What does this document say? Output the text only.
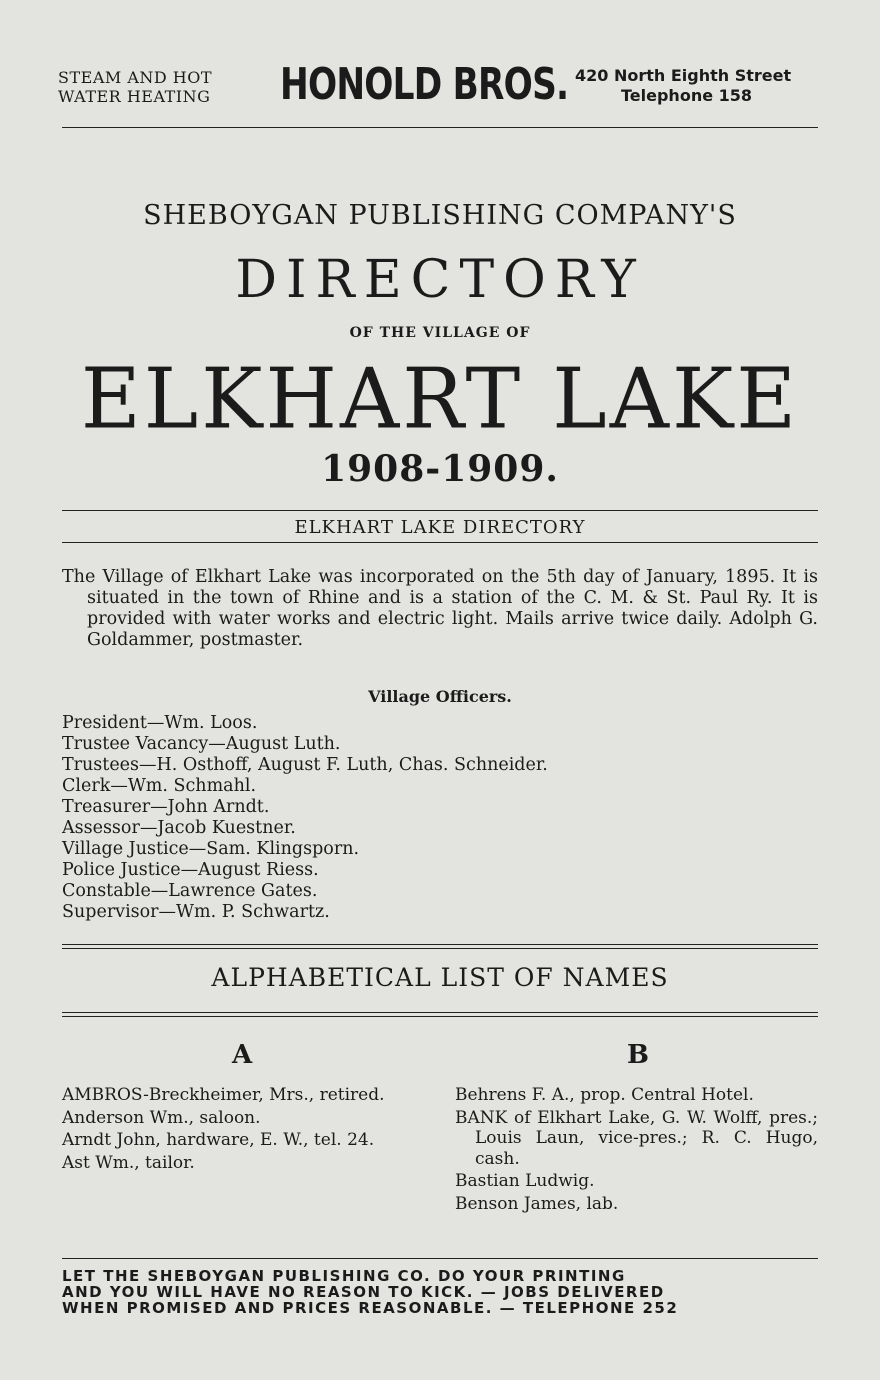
STEAM AND HOT
WATER HEATING HONOLD BROS. 420 North Eighth Street
Telephone 158
SHEBOYGAN PUBLISHING COMPANY'S
DIRECTORY
OF THE VILLAGE OF
ELKHART LAKE
1908-1909.
ELKHART LAKE DIRECTORY

The Village of Elkhart Lake was incorporated on the 5th day of January, 1895. It is situated in the town of Rhine and is a station of the C. M. & St. Paul Ry. It is provided with water works and electric light. Mails arrive twice daily. Adolph G. Goldammer, postmaster.

Village Officers.
President—Wm. Loos.
Trustee Vacancy—August Luth.
Trustees—H. Osthoff, August F. Luth, Chas. Schneider.
Clerk—Wm. Schmahl.
Treasurer—John Arndt.
Assessor—Jacob Kuestner.
Village Justice—Sam. Klingsporn.
Police Justice—August Riess.
Constable—Lawrence Gates.
Supervisor—Wm. P. Schwartz.
ALPHABETICAL LIST OF NAMES
A	B
AMBROS-Breckheimer, Mrs., retired.
Anderson Wm., saloon.
Arndt John, hardware, E. W., tel. 24.
Ast Wm., tailor.
Behrens F. A., prop. Central Hotel.
BANK of Elkhart Lake, G. W. Wolff, pres.; Louis Laun, vice-pres.; R. C. Hugo, cash.
Bastian Ludwig.
Benson James, lab.
LET THE SHEBOYGAN PUBLISHING CO. DO YOUR PRINTING
AND YOU WILL HAVE NO REASON TO KICK. — JOBS DELIVERED
WHEN PROMISED AND PRICES REASONABLE. — TELEPHONE 252
